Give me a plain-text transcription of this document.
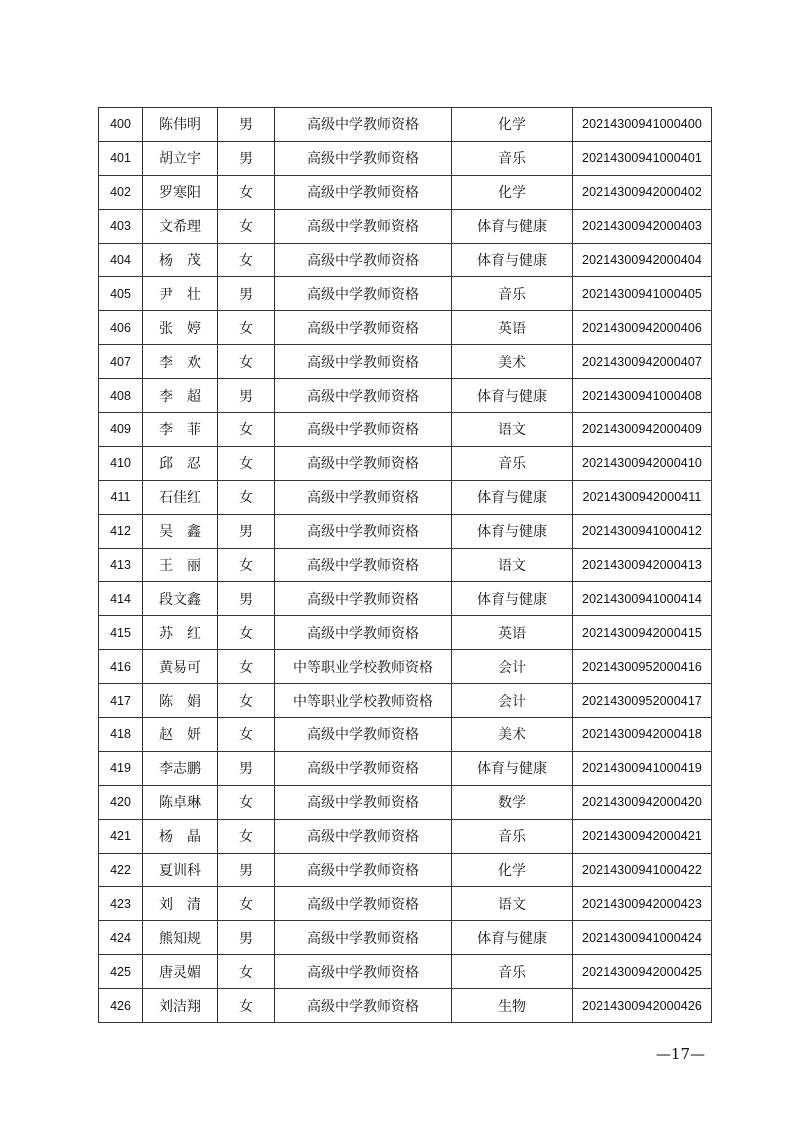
400	陈伟明	男	高级中学教师资格	化学	20214300941000400
401	胡立宇	男	高级中学教师资格	音乐	20214300941000401
402	罗寒阳	女	高级中学教师资格	化学	20214300942000402
403	文希理	女	高级中学教师资格	体育与健康	20214300942000403
404	杨茂	女	高级中学教师资格	体育与健康	20214300942000404
405	尹壮	男	高级中学教师资格	音乐	20214300941000405
406	张婷	女	高级中学教师资格	英语	20214300942000406
407	李欢	女	高级中学教师资格	美术	20214300942000407
408	李超	男	高级中学教师资格	体育与健康	20214300941000408
409	李菲	女	高级中学教师资格	语文	20214300942000409
410	邱忍	女	高级中学教师资格	音乐	20214300942000410
411	石佳红	女	高级中学教师资格	体育与健康	20214300942000411
412	吴鑫	男	高级中学教师资格	体育与健康	20214300941000412
413	王丽	女	高级中学教师资格	语文	20214300942000413
414	段文鑫	男	高级中学教师资格	体育与健康	20214300941000414
415	苏红	女	高级中学教师资格	英语	20214300942000415
416	黄易可	女	中等职业学校教师资格	会计	20214300952000416
417	陈娟	女	中等职业学校教师资格	会计	20214300952000417
418	赵妍	女	高级中学教师资格	美术	20214300942000418
419	李志鹏	男	高级中学教师资格	体育与健康	20214300941000419
420	陈卓琳	女	高级中学教师资格	数学	20214300942000420
421	杨晶	女	高级中学教师资格	音乐	20214300942000421
422	夏训科	男	高级中学教师资格	化学	20214300941000422
423	刘清	女	高级中学教师资格	语文	20214300942000423
424	熊知规	男	高级中学教师资格	体育与健康	20214300941000424
425	唐灵媚	女	高级中学教师资格	音乐	20214300942000425
426	刘洁翔	女	高级中学教师资格	生物	20214300942000426
—17—
